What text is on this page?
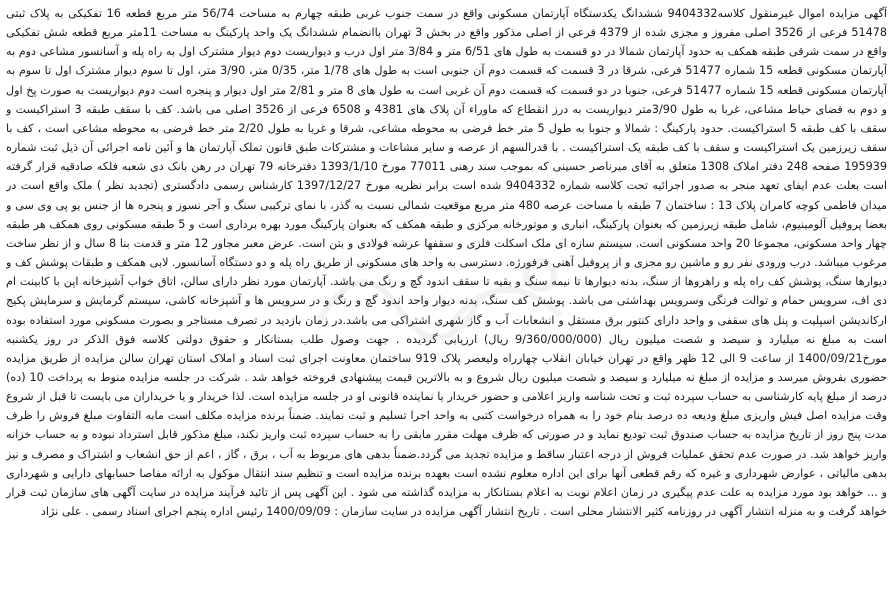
آگهی مزایده اموال غیرمنقول کلاسه9404332 ششدانگ یکدستگاه آپارتمان مسکونی واقع در سمت جنوب غربی طبقه چهارم به مساحت 56/74 متر مربع قطعه 16 تفکیکی به پلاک ثبتی 51478 فرعی از 3526 اصلی مفروز و مجزی شده از 4379 فرعی از اصلی مذکور واقع در بخش 3 تهران باانضمام ششدانگ یک واحد پارکینگ به مساحت 11متر مربع قطعه شش تفکیکی واقع در سمت شرقی طبقه همکف به حدود آپارتمان شمالا در دو قسمت به طول های 6/51 متر و 3/84 متر اول درب و دیواریست دوم دیوار مشترک اول به راه پله و آسانسور مشاعی دوم به آپارتمان مسکونی قطعه 15 شماره 51477 فرعی، شرقا در 3 قسمت که قسمت دوم آن جنوبی است به طول های 1/78 متر، 0/35 متر، 3/90 متر، اول تا سوم دیوار مشترک اول تا سوم به آپارتمان مسکونی قطعه 15 شماره 51477 فرعی، جنوبا در دو قسمت که قسمت دوم آن غربی است به طول های 8 متر و 2/81 متر اول دیوار و پنجره است دوم دیواریست به صورت پخ اول و دوم به فضای حیاط مشاعی، غربا به طول 3/90متر دیواریست به درز انقطاع که ماوراء آن پلاک های 4381 و 6508 فرعی از 3526 اصلی می باشد. کف با سقف طبقه 3 استراکیست و سقف با کف طبقه 5 استراکیست. حدود پارکینگ : شمالا و جنوبا به طول 5 متر خط فرضی به محوطه مشاعی، شرقا و غربا به طول 2/20 متر خط فرضی به محوطه مشاعی است ، کف با سقف زیرزمین یک استراکیست و سقف با کف طبقه یک استراکیست . با قدرالسهم از عرصه و سایر مشاعات و مشترکات طبق قانون تملک آپارتمان ها و آئین نامه اجرائی آن ذیل ثبت شماره 195939 صفحه 248 دفتر املاک 1308 متعلق به آقای میرناصر حسینی که بموجب سند رهنی 77011 مورخ 1393/1/10 دفترخانه 79 تهران در رهن بانک دی شعبه فلکه صادقیه قرار گرفته است بعلت عدم ایفای تعهد منجر به صدور اجرائیه تحت کلاسه شماره 9404332 شده است برابر نظریه مورخ 1397/12/27 کارشناس رسمی دادگستری (تجدید نظر ) ملک واقع است در میدان فاطمی کوچه کامران پلاک 13 : ساختمان 7 طبقه با مساحت عرصه 480 متر مربع موقعیت شمالی نسبت به گذر، با نمای ترکیبی سنگ و آجر نسوز و پنجره ها از جنس یو پی وی سی و بعضا پروفیل آلومینیوم، شامل طبقه زیرزمین که بعنوان پارکینگ، انباری و موتورخانه مرکزی و طبقه همکف که بعنوان پارکینگ مورد بهره برداری است و 5 طبقه مسکونی روی همکف هر طبقه چهار واحد مسکونی، مجموعا 20 واحد مسکونی است. سیستم سازه ای ملک اسکلت فلزی و سقفها عرشه فولادی و بتن است. عرض معبر مجاور 12 متر و قدمت بنا 8 سال و از نظر ساخت مرغوب میباشد. درب ورودی نفر رو و ماشین رو مجزی و از پروفیل آهنی فرفورژه. دسترسی به واحد های مسکونی از طریق راه پله و دو دستگاه آسانسور. لابی همکف و طبقات پوشش کف و دیوارها سنگ، پوشش کف راه پله و راهروها از سنگ، بدنه دیوارها تا نیمه سنگ و بقیه تا سقف اندود گچ و رنگ می باشد. آپارتمان مورد نظر دارای سالن، اتاق خواب آشپزخانه اپن با کابینت ام دی اف، سرویس حمام و توالت فرنگی وسرویس بهداشتی می باشد. پوشش کف سنگ، بدنه دیوار واحد اندود گچ و رنگ و در سرویس ها و آشپزخانه کاشی، سیستم گرمایش و سرمایش پکیج ارکاندیشن اسپلیت و پنل های سقفی و واحد دارای کنتور برق مستقل و انشعابات آب و گاز شهری اشتراکی می باشد.در زمان بازدید در تصرف مستاجر و بصورت مسکونی مورد استفاده بوده است به مبلغ نه میلیارد و سیصد و شصت میلیون ریال (9/360/000/000 ریال) ارزیابی گردیده . جهت وصول طلب بستانکار و حقوق دولتی کلاسه فوق الذکر در روز یکشنبه مورخ1400/09/21 از ساعت 9 الی 12 ظهر واقع در تهران خیابان انقلاب چهارراه ولیعصر پلاک 919 ساختمان معاونت اجرای ثبت اسناد و املاک استان تهران سالن مزایده از طریق مزایده حضوری بفروش میرسد و مزایده از مبلغ نه میلیارد و سیصد و شصت میلیون ریال شروع و به بالاترین قیمت پیشنهادی فروخته خواهد شد . شرکت در جلسه مزایده منوط به پرداخت 10 (ده) درصد از مبلغ پایه کارشناسی به حساب سپرده ثبت و تحت شناسه واریز اعلامی و حضور خریدار یا نماینده قانونی او در جلسه مزایده است. لذا خریدار و یا خریداران می بایست تا قبل از شروع وقت مزایده اصل فیش واریزی مبلغ ودیعه ده درصد بنام خود را به همراه درخواست کتبی به واحد اجرا تسلیم و ثبت نمایند. ضمناً برنده مزایده مکلف است مابه التفاوت مبلغ فروش را ظرف مدت پنج روز از تاریخ مزایده به حساب صندوق ثبت تودیع نماید و در صورتی که ظرف مهلت مقرر مابقی را به حساب سپرده ثبت واریز نکند، مبلغ مذکور قابل استرداد نبوده و به حساب خزانه واریز خواهد شد. در صورت عدم تحقق عملیات فروش از درجه اعتبار ساقط و مزایده تجدید می گردد.ضمناً بدهی های مربوط به آب ، برق ، گاز ، اعم از حق انشعاب و اشتراک و مصرف و نیز بدهی مالیاتی ، عوارض شهرداری و غیره که رقم قطعی آنها برای این اداره معلوم نشده است بعهده برنده مزایده است و تنظیم سند انتقال موکول به ارائه مفاصا حسابهای دارایی و شهرداری و ... خواهد بود مورد مزایده به علت عدم پیگیری در زمان اعلام نوبت به اعلام بستانکار به مزایده گذاشته می شود . این آگهی پس از تائید فرآیند مزایده در سایت آگهی های سازمان ثبت قرار خواهد گرفت و به منزله انتشار آگهی در روزنامه کثیر الانتشار محلی است . تاریخ انتشار آگهی مزایده در سایت سازمان : 1400/09/09 رئیس اداره پنجم اجرای اسناد رسمی . علی نژاد
